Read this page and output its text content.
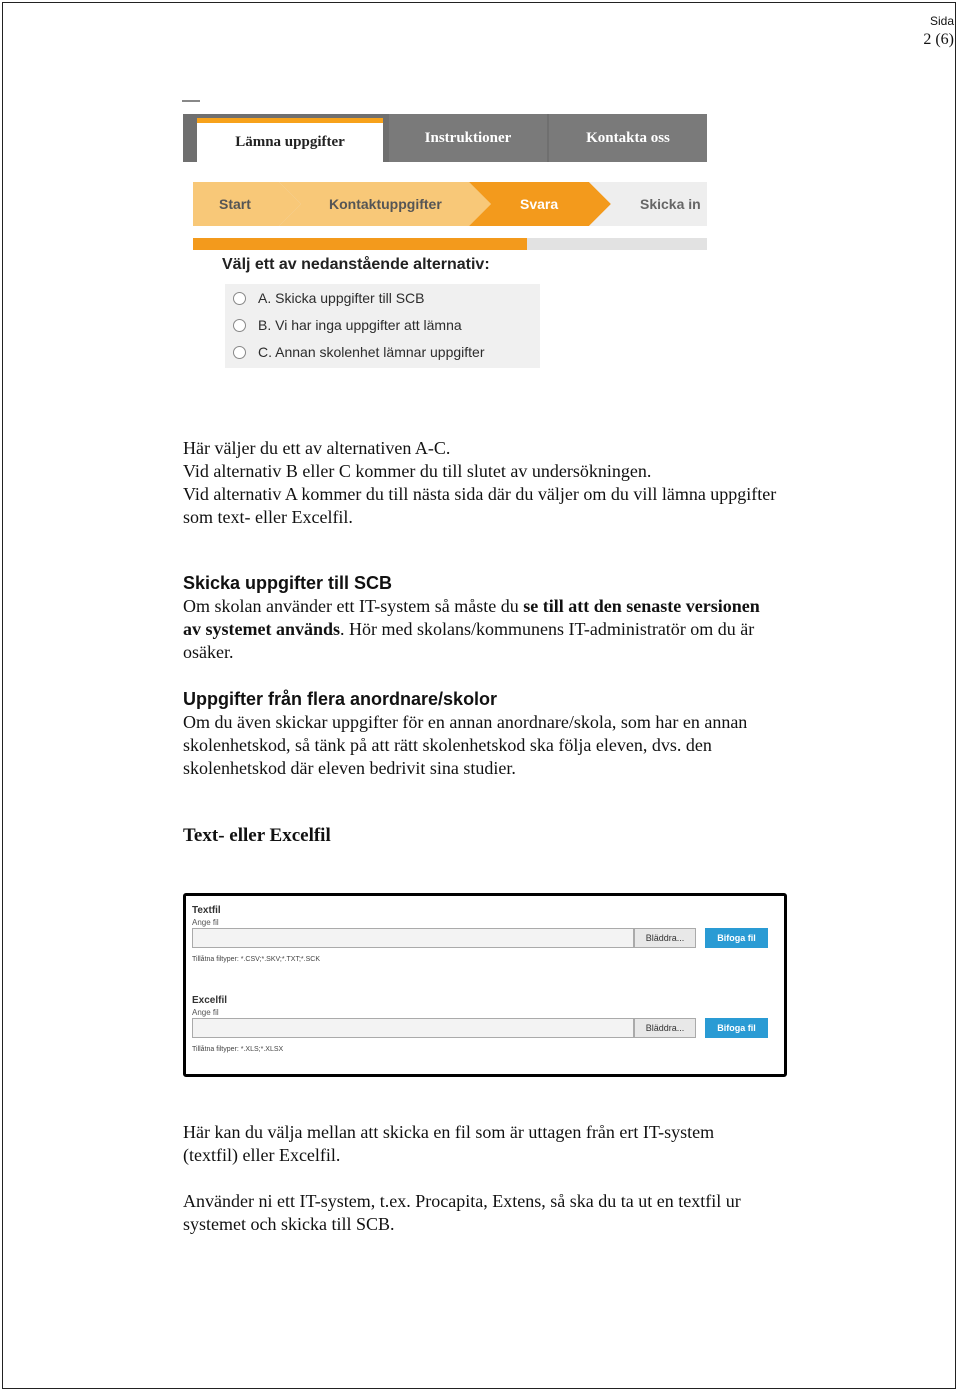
Sida
2 (6)
Lämna uppgifter	Instruktioner	Kontakta oss
Start	Kontaktuppgifter	Svara	Skicka in
Välj ett av nedanstående alternativ:
A. Skicka uppgifter till SCB
B. Vi har inga uppgifter att lämna
C. Annan skolenhet lämnar uppgifter

Här väljer du ett av alternativen A-C.

Vid alternativ B eller C kommer du till slutet av undersökningen.

Vid alternativ A kommer du till nästa sida där du väljer om du vill lämna uppgifter som text- eller Excelfil.

Skicka uppgifter till SCB

Om skolan använder ett IT-system så måste du se till att den senaste versionen av systemet används. Hör med skolans/kommunens IT-administratör om du är osäker.

Uppgifter från flera anordnare/skolor

Om du även skickar uppgifter för en annan anordnare/skola, som har en annan skolenhetskod, så tänk på att rätt skolenhetskod ska följa eleven, dvs. den skolenhetskod där eleven bedrivit sina studier.

Text- eller Excelfil
Textfil
Ange fil
Bläddra...	Bifoga fil
Tillåtna filtyper: *.CSV;*.SKV;*.TXT;*.SCK
Excelfil
Ange fil
Bläddra...	Bifoga fil
Tillåtna filtyper: *.XLS;*.XLSX

Här kan du välja mellan att skicka en fil som är uttagen från ert IT-system (textfil) eller Excelfil.

Använder ni ett IT-system, t.ex. Procapita, Extens, så ska du ta ut en textfil ur systemet och skicka till SCB.
